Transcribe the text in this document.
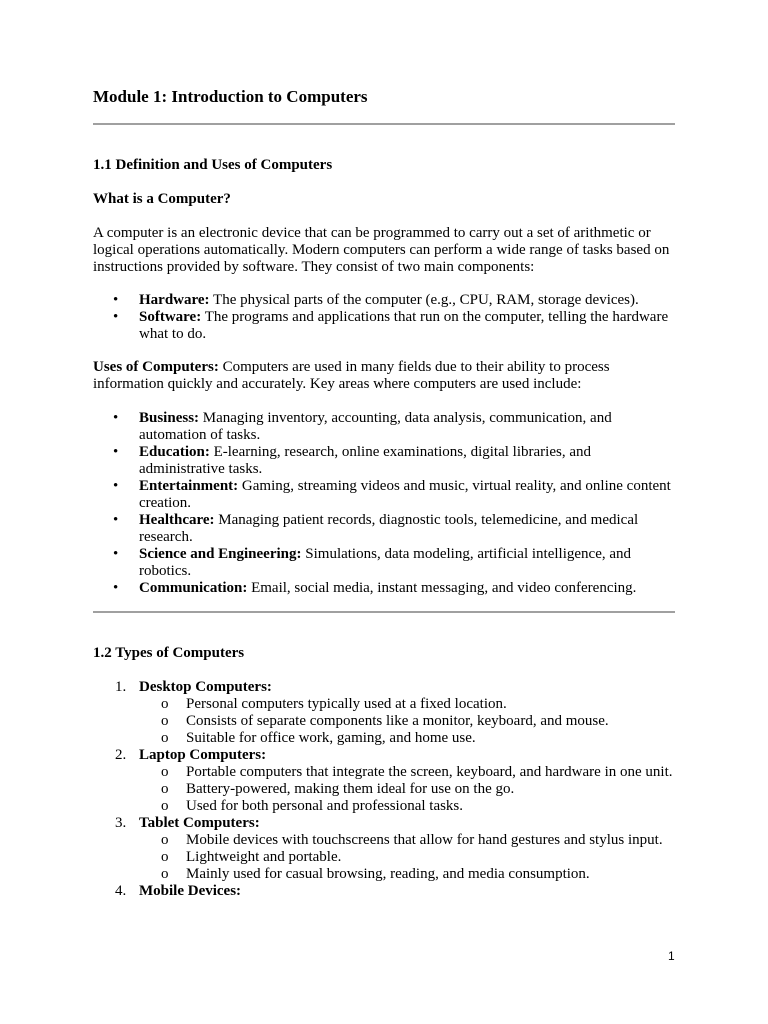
Module 1: Introduction to Computers
1.1 Definition and Uses of Computers
What is a Computer?

A computer is an electronic device that can be programmed to carry out a set of arithmetic or logical operations automatically. Modern computers can perform a wide range of tasks based on instructions provided by software. They consist of two main components:

• Hardware: The physical parts of the computer (e.g., CPU, RAM, storage devices).
• Software: The programs and applications that run on the computer, telling the hardware what to do.

Uses of Computers: Computers are used in many fields due to their ability to process information quickly and accurately. Key areas where computers are used include:

• Business: Managing inventory, accounting, data analysis, communication, and automation of tasks.
• Education: E-learning, research, online examinations, digital libraries, and administrative tasks.
• Entertainment: Gaming, streaming videos and music, virtual reality, and online content creation.
• Healthcare: Managing patient records, diagnostic tools, telemedicine, and medical research.
• Science and Engineering: Simulations, data modeling, artificial intelligence, and robotics.
• Communication: Email, social media, instant messaging, and video conferencing.
1.2 Types of Computers
1. Desktop Computers:
o Personal computers typically used at a fixed location.
o Consists of separate components like a monitor, keyboard, and mouse.
o Suitable for office work, gaming, and home use.
2. Laptop Computers:
o Portable computers that integrate the screen, keyboard, and hardware in one unit.
o Battery-powered, making them ideal for use on the go.
o Used for both personal and professional tasks.
3. Tablet Computers:
o Mobile devices with touchscreens that allow for hand gestures and stylus input.
o Lightweight and portable.
o Mainly used for casual browsing, reading, and media consumption.
4. Mobile Devices:
1
